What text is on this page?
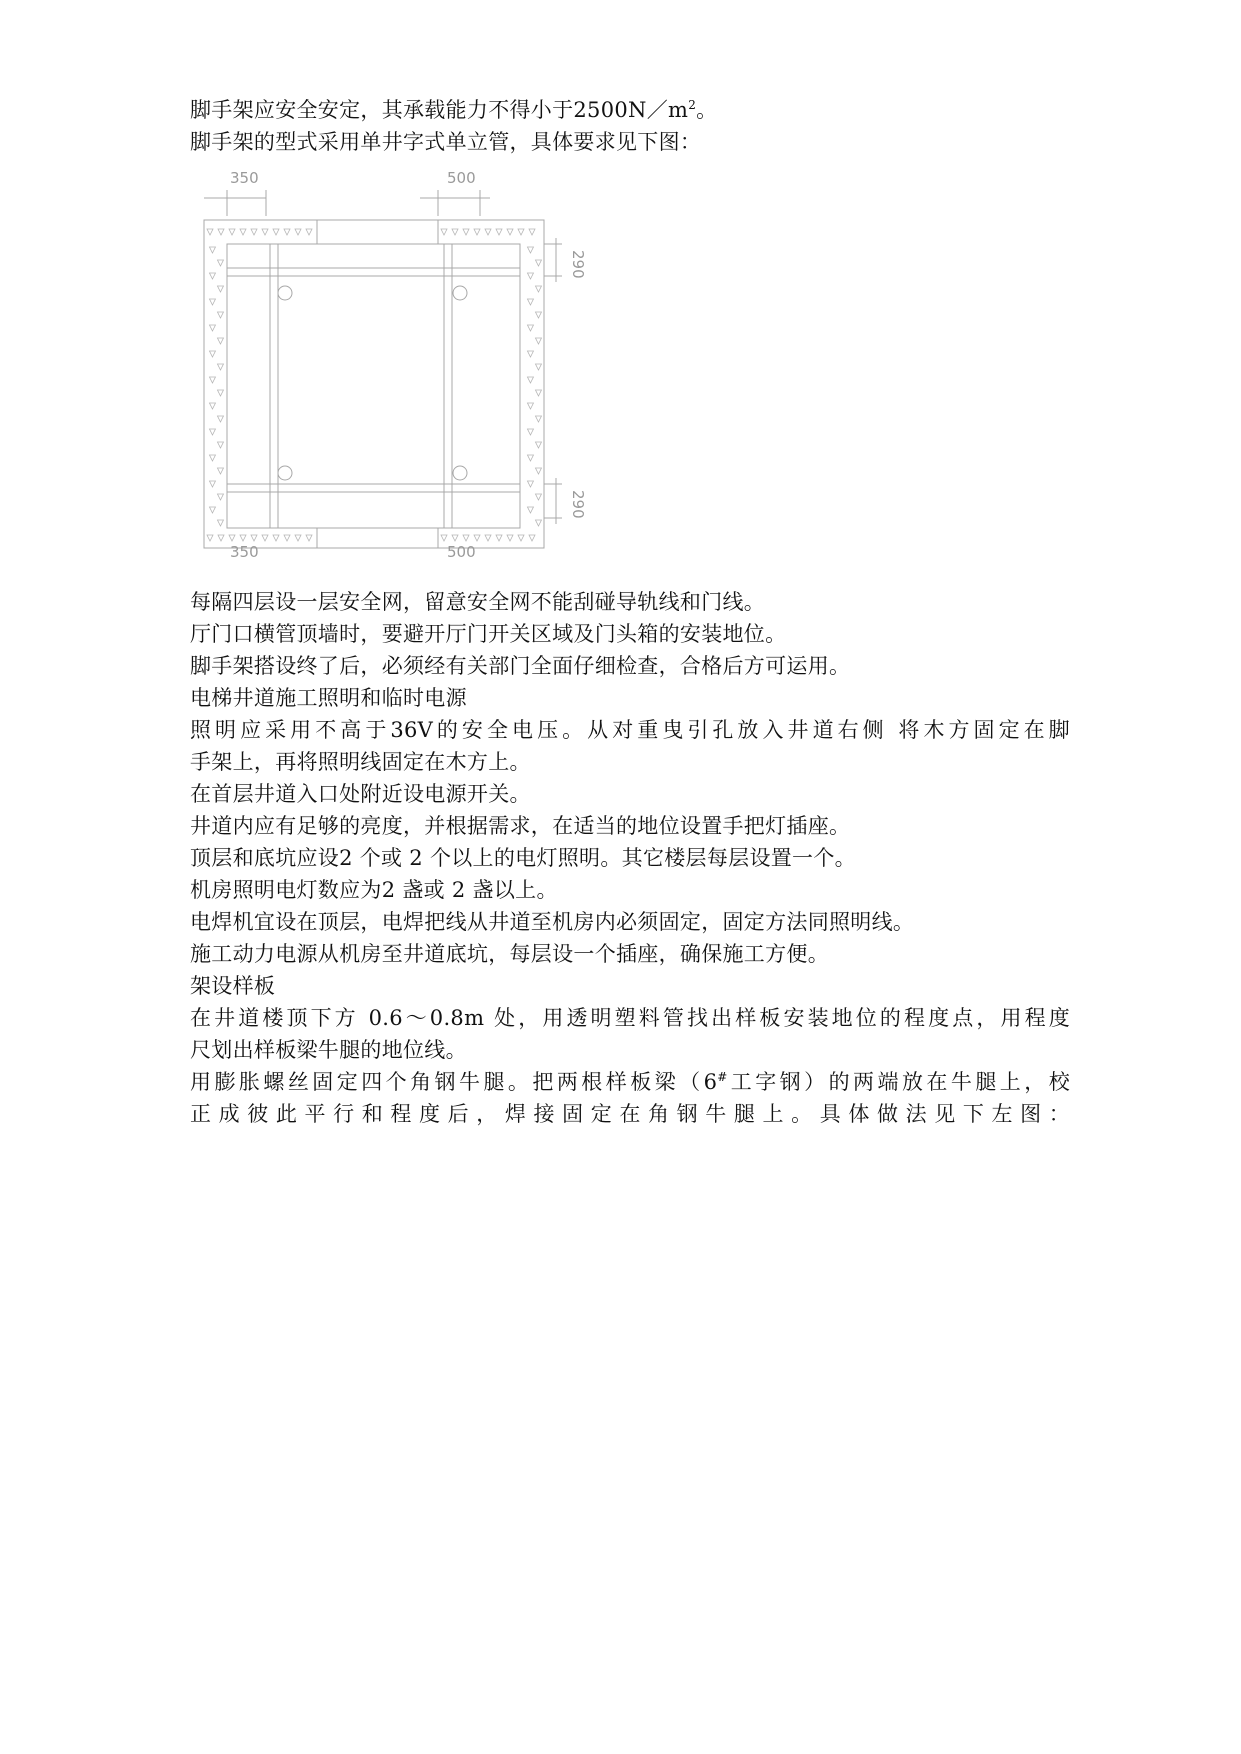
脚手架应安全安定，其承载能力不得小于$2500N/m^2$。
脚手架的型式采用单井字式单立管，具体要求见下图：
350	500
350	500
290
290
每隔四层设一层安全网，留意安全网不能刮碰导轨线和门线。
厅门口横管顶墙时，要避开厅门开关区域及门头箱的安装地位。
脚手架搭设终了后，必须经有关部门全面仔细检查，合格后方可运用。
电梯井道施工照明和临时电源
照明应采用不高于36V的安全电压。从对重曳引孔放入井道右侧 将木方固定在脚
手架上，再将照明线固定在木方上。
在首层井道入口处附近设电源开关。
井道内应有足够的亮度，并根据需求，在适当的地位设置手把灯插座。
顶层和底坑应设2 个或 2 个以上的电灯照明。其它楼层每层设置一个。
机房照明电灯数应为2 盏或 2 盏以上。
电焊机宜设在顶层，电焊把线从井道至机房内必须固定，固定方法同照明线。
施工动力电源从机房至井道底坑，每层设一个插座，确保施工方便。
架设样板
在井道楼顶下方 0.6～0.8m 处，用透明塑料管找出样板安装地位的程度点，用程度
尺划出样板梁牛腿的地位线。
用膨胀螺丝固定四个角钢牛腿。把两根样板梁（6#工字钢）的两端放在牛腿上，校
正成彼此平行和程度后，焊接固定在角钢牛腿上。具体做法见下左图：
